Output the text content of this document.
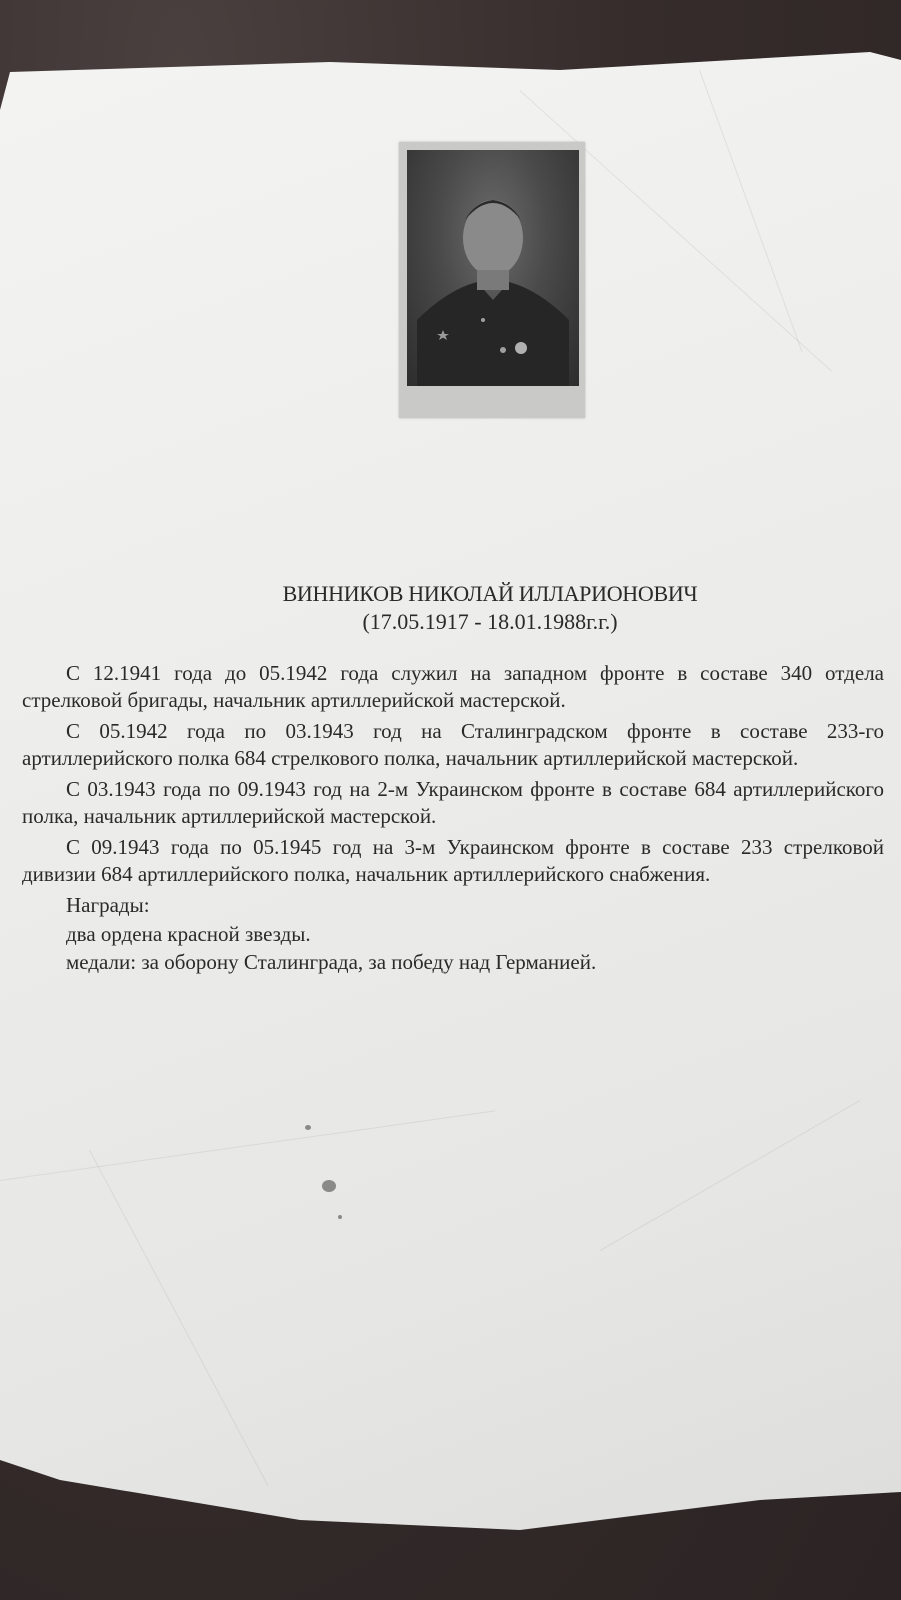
ВИННИКОВ НИКОЛАЙ ИЛЛАРИОНОВИЧ

(17.05.1917 - 18.01.1988г.г.)

С 12.1941 года до 05.1942 года служил на западном фронте в составе 340 отдела стрелковой бригады, начальник артиллерийской мастерской.

С 05.1942 года по 03.1943 год на Сталинградском фронте в составе 233-го артиллерийского полка 684 стрелкового полка, начальник артиллерийской мастерской.

С 03.1943 года по 09.1943 год на 2-м Украинском фронте в составе 684 артиллерийского полка, начальник артиллерийской мастерской.

С 09.1943 года по 05.1945 год на 3-м Украинском фронте в составе 233 стрелковой дивизии 684 артиллерийского полка, начальник артиллерийского снабжения.

Награды:

два ордена красной звезды.

медали: за оборону Сталинграда, за победу над Германией.
